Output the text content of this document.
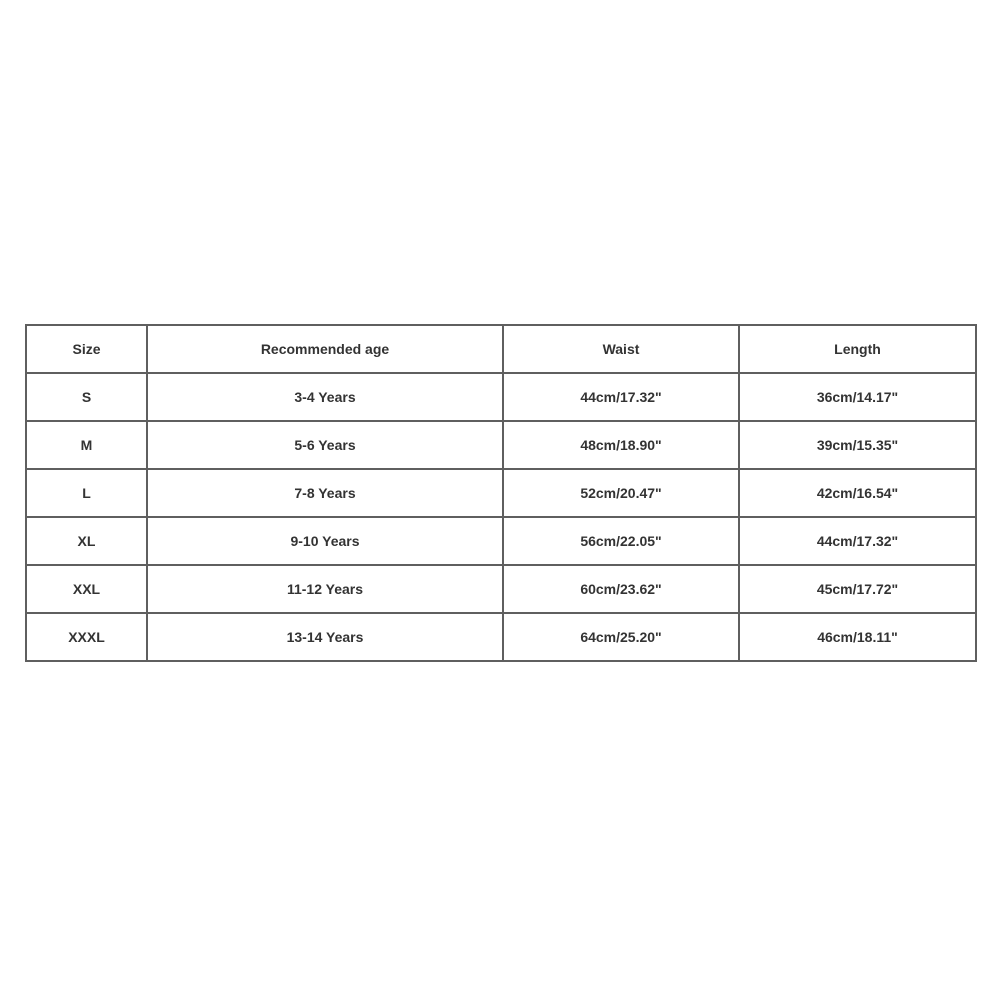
Size	Recommended age	Waist	Length
S	3-4 Years	44cm/17.32"	36cm/14.17"
M	5-6 Years	48cm/18.90"	39cm/15.35"
L	7-8 Years	52cm/20.47"	42cm/16.54"
XL	9-10 Years	56cm/22.05"	44cm/17.32"
XXL	11-12 Years	60cm/23.62"	45cm/17.72"
XXXL	13-14 Years	64cm/25.20"	46cm/18.11"
